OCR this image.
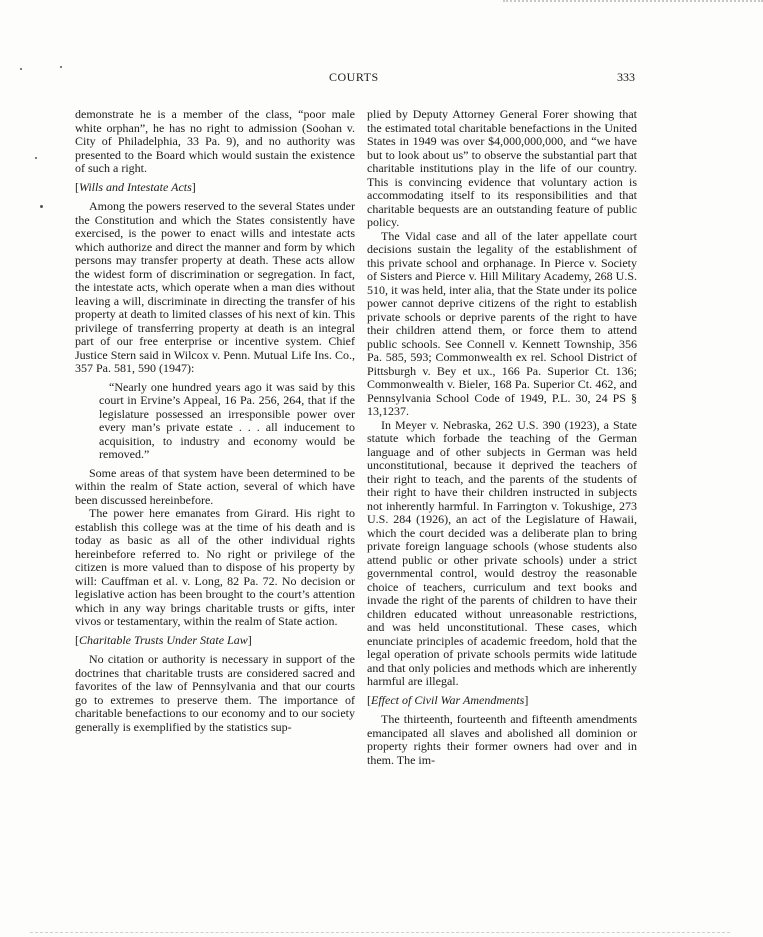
COURTS	333

demonstrate he is a member of the class, “poor male white orphan”, he has no right to admission (Soohan v. City of Philadelphia, 33 Pa. 9), and no authority was presented to the Board which would sustain the existence of such a right.

[Wills and Intestate Acts]

Among the powers reserved to the several States under the Constitution and which the States consistently have exercised, is the power to enact wills and intestate acts which authorize and direct the manner and form by which persons may transfer property at death. These acts allow the widest form of discrimination or segregation. In fact, the intestate acts, which operate when a man dies without leaving a will, discriminate in directing the transfer of his property at death to limited classes of his next of kin. This privilege of transferring property at death is an integral part of our free enterprise or incentive system. Chief Justice Stern said in Wilcox v. Penn. Mutual Life Ins. Co., 357 Pa. 581, 590 (1947):

“Nearly one hundred years ago it was said by this court in Ervine’s Appeal, 16 Pa. 256, 264, that if the legislature possessed an irresponsible power over every man’s private estate . . . all inducement to acquisition, to industry and economy would be removed.”

Some areas of that system have been determined to be within the realm of State action, several of which have been discussed hereinbefore.

The power here emanates from Girard. His right to establish this college was at the time of his death and is today as basic as all of the other individual rights hereinbefore referred to. No right or privilege of the citizen is more valued than to dispose of his property by will: Cauffman et al. v. Long, 82 Pa. 72. No decision or legislative action has been brought to the court’s attention which in any way brings charitable trusts or gifts, inter vivos or testamentary, within the realm of State action.

[Charitable Trusts Under State Law]

No citation or authority is necessary in support of the doctrines that charitable trusts are considered sacred and favorites of the law of Pennsylvania and that our courts go to extremes to preserve them. The importance of charitable benefactions to our economy and to our society generally is exemplified by the statistics sup-

plied by Deputy Attorney General Forer showing that the estimated total charitable benefactions in the United States in 1949 was over $4,000,000,000, and “we have but to look about us” to observe the substantial part that charitable institutions play in the life of our country. This is convincing evidence that voluntary action is accommodating itself to its responsibilities and that charitable bequests are an outstanding feature of public policy.

The Vidal case and all of the later appellate court decisions sustain the legality of the establishment of this private school and orphanage. In Pierce v. Society of Sisters and Pierce v. Hill Military Academy, 268 U.S. 510, it was held, inter alia, that the State under its police power cannot deprive citizens of the right to establish private schools or deprive parents of the right to have their children attend them, or force them to attend public schools. See Connell v. Kennett Township, 356 Pa. 585, 593; Commonwealth ex rel. School District of Pittsburgh v. Bey et ux., 166 Pa. Superior Ct. 136; Commonwealth v. Bieler, 168 Pa. Superior Ct. 462, and Pennsylvania School Code of 1949, P.L. 30, 24 PS § 13,1237.

In Meyer v. Nebraska, 262 U.S. 390 (1923), a State statute which forbade the teaching of the German language and of other subjects in German was held unconstitutional, because it deprived the teachers of their right to teach, and the parents of the students of their right to have their children instructed in subjects not inherently harmful. In Farrington v. Tokushige, 273 U.S. 284 (1926), an act of the Legislature of Hawaii, which the court decided was a deliberate plan to bring private foreign language schools (whose students also attend public or other private schools) under a strict governmental control, would destroy the reasonable choice of teachers, curriculum and text books and invade the right of the parents of children to have their children educated without unreasonable restrictions, and was held unconstitutional. These cases, which enunciate principles of academic freedom, hold that the legal operation of private schools permits wide latitude and that only policies and methods which are inherently harmful are illegal.

[Effect of Civil War Amendments]

The thirteenth, fourteenth and fifteenth amendments emancipated all slaves and abolished all dominion or property rights their former owners had over and in them. The im-
